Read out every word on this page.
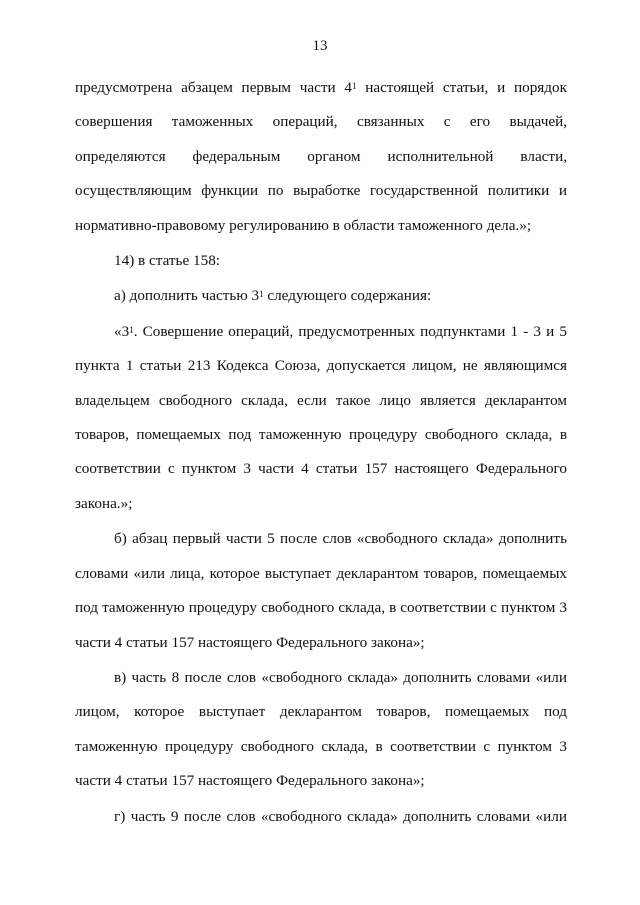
13

предусмотрена абзацем первым части $4^1$ настоящей статьи, и порядок совершения таможенных операций, связанных с его выдачей, определяются федеральным органом исполнительной власти, осуществляющим функции по выработке государственной политики и нормативно-правовому регулированию в области таможенного дела.»;

14) в статье 158:

а) дополнить частью $3^1$ следующего содержания:

«$3^1$. Совершение операций, предусмотренных подпунктами 1 - 3 и 5 пункта 1 статьи 213 Кодекса Союза, допускается лицом, не являющимся владельцем свободного склада, если такое лицо является декларантом товаров, помещаемых под таможенную процедуру свободного склада, в соответствии с пунктом 3 части 4 статьи 157 настоящего Федерального закона.»;

б) абзац первый части 5 после слов «свободного склада» дополнить словами «или лица, которое выступает декларантом товаров, помещаемых под таможенную процедуру свободного склада, в соответствии с пунктом 3 части 4 статьи 157 настоящего Федерального закона»;

в) часть 8 после слов «свободного склада» дополнить словами «или лицом, которое выступает декларантом товаров, помещаемых под таможенную процедуру свободного склада, в соответствии с пунктом 3 части 4 статьи 157 настоящего Федерального закона»;

г) часть 9 после слов «свободного склада» дополнить словами «или
